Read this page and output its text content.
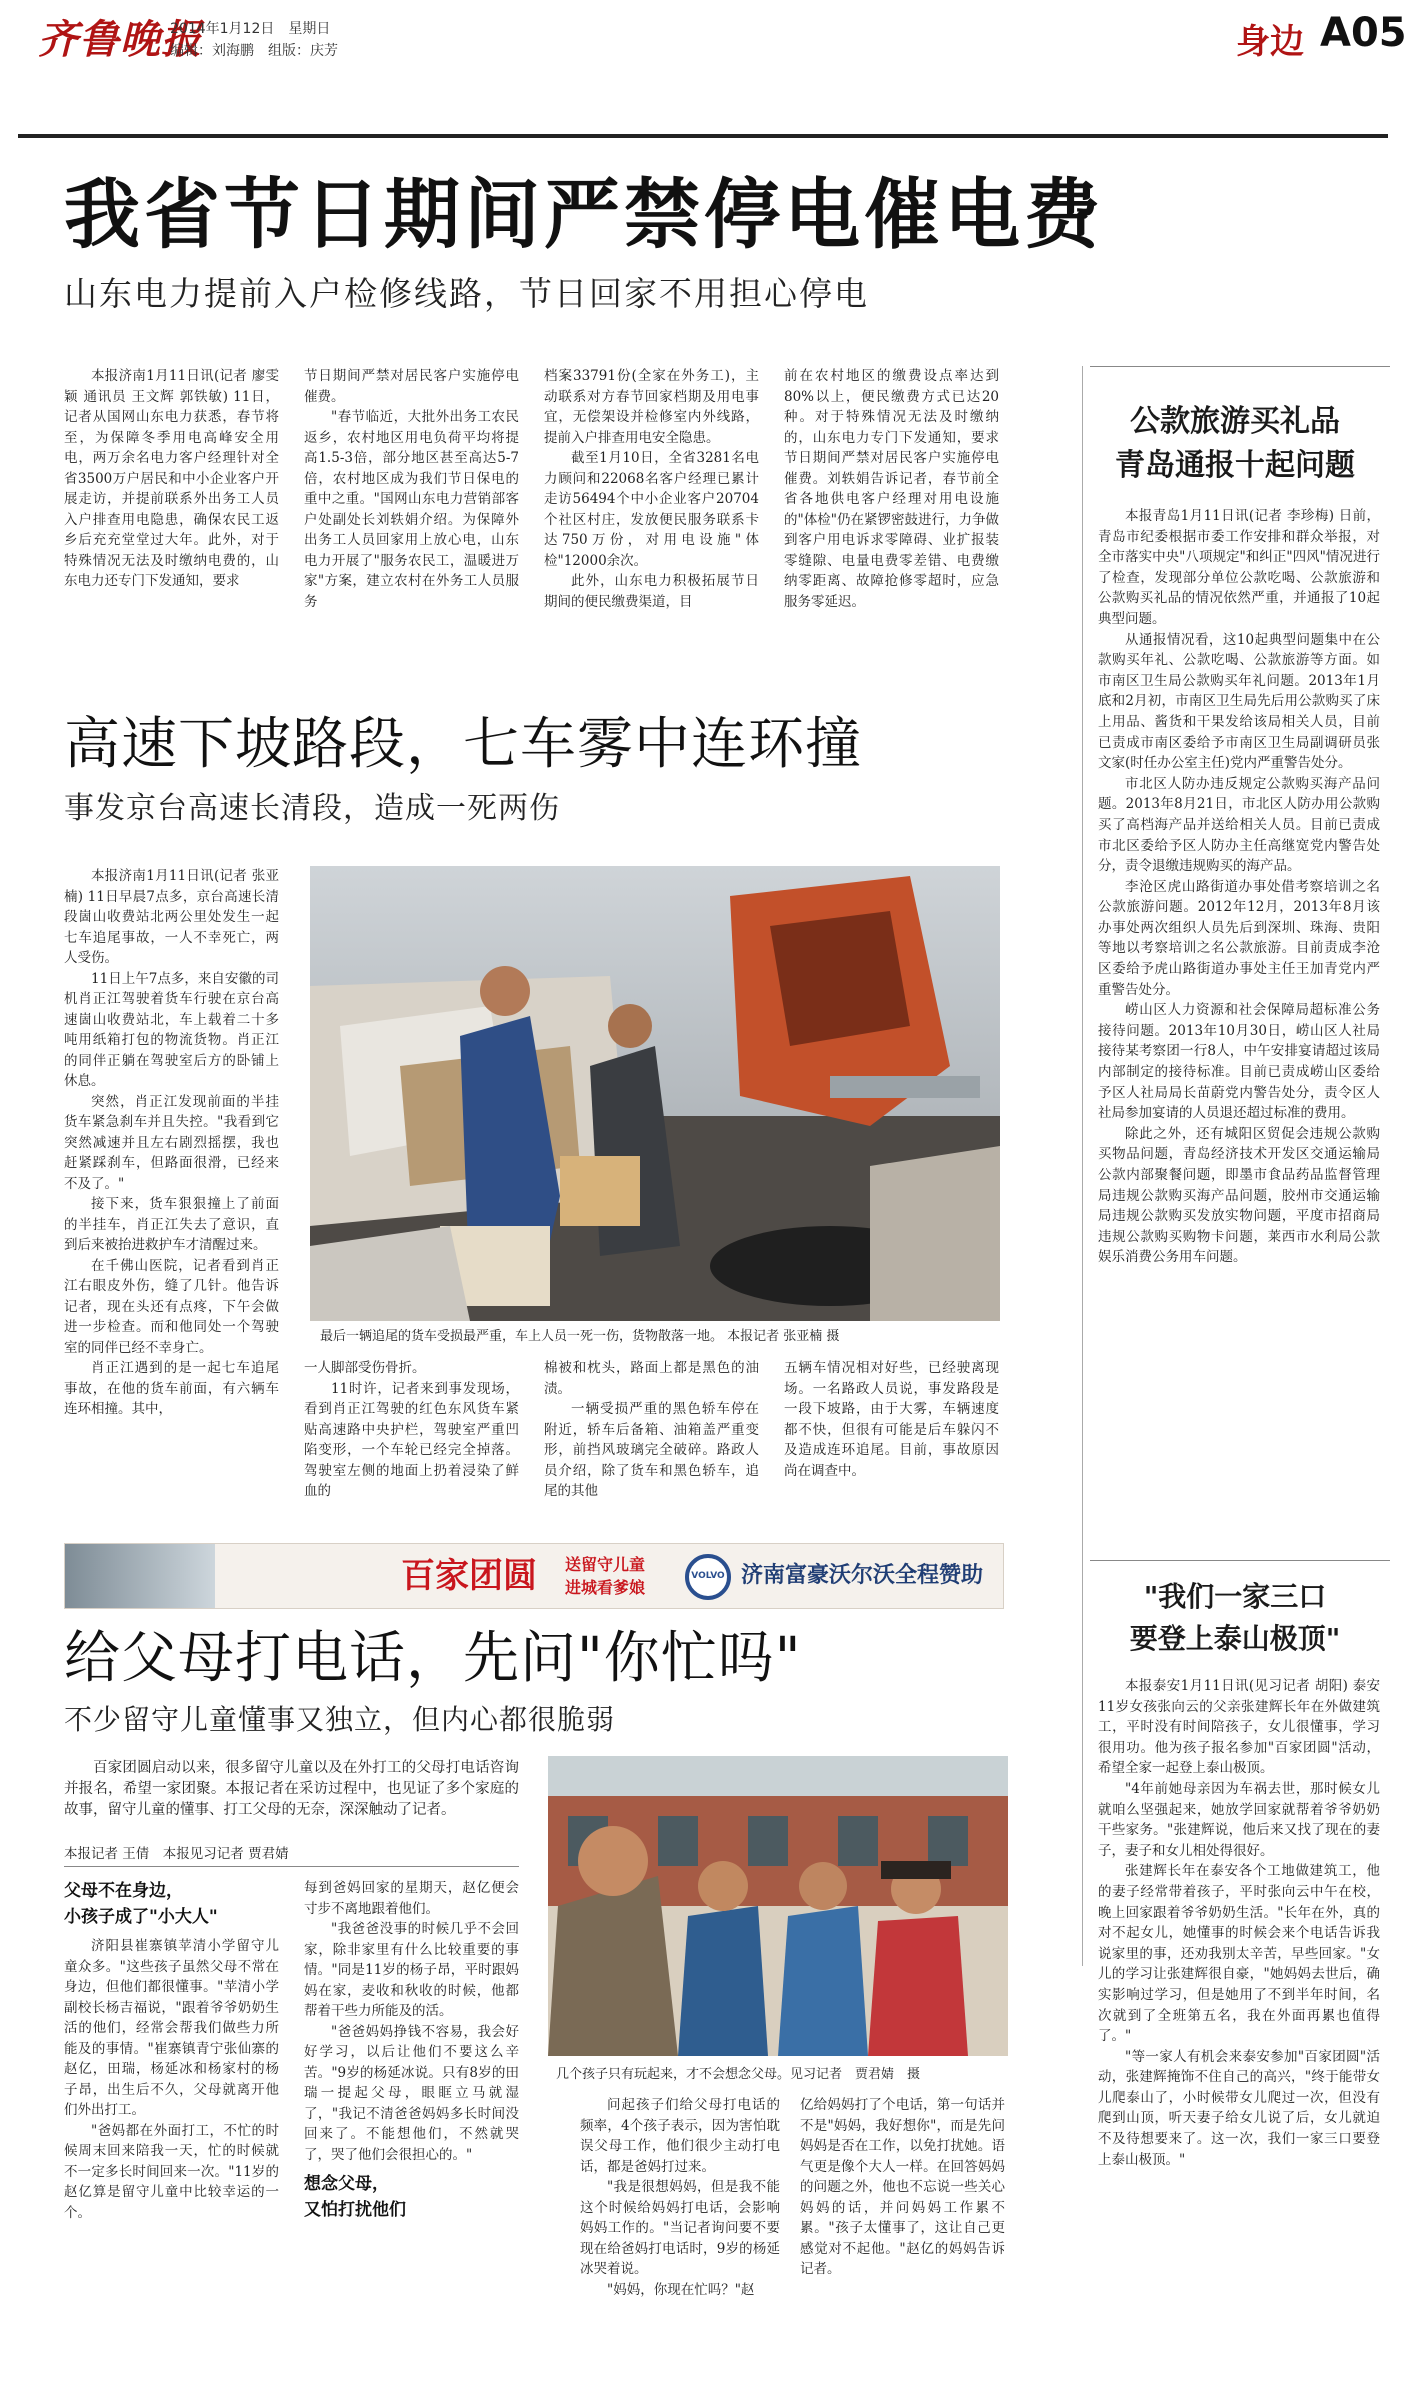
齐鲁晚报
2014年1月12日　星期日
编辑：刘海鹏　组版：庆芳	身边 A05
我省节日期间严禁停电催电费
山东电力提前入户检修线路，节日回家不用担心停电

本报济南1月11日讯(记者 廖雯颖 通讯员 王文辉 郭铁敏) 11日，记者从国网山东电力获悉，春节将至，为保障冬季用电高峰安全用电，两万余名电力客户经理针对全省3500万户居民和中小企业客户开展走访，并提前联系外出务工人员入户排查用电隐患，确保农民工返乡后充充堂堂过大年。此外，对于特殊情况无法及时缴纳电费的，山东电力还专门下发通知，要求

节日期间严禁对居民客户实施停电催费。

"春节临近，大批外出务工农民返乡，农村地区用电负荷平均将提高1.5-3倍，部分地区甚至高达5-7倍，农村地区成为我们节日保电的重中之重。"国网山东电力营销部客户处副处长刘轶娟介绍。为保障外出务工人员回家用上放心电，山东电力开展了"服务农民工，温暖进万家"方案，建立农村在外务工人员服务

档案33791份(全家在外务工)，主动联系对方春节回家档期及用电事宜，无偿架设并检修室内外线路，提前入户排查用电安全隐患。

截至1月10日，全省3281名电力顾问和22068名客户经理已累计走访56494个中小企业客户20704个社区村庄，发放便民服务联系卡达750万份，对用电设施"体检"12000余次。

此外，山东电力积极拓展节日期间的便民缴费渠道，目

前在农村地区的缴费设点率达到80%以上，便民缴费方式已达20种。对于特殊情况无法及时缴纳的，山东电力专门下发通知，要求节日期间严禁对居民客户实施停电催费。刘轶娟告诉记者，春节前全省各地供电客户经理对用电设施的"体检"仍在紧锣密鼓进行，力争做到客户用电诉求零障碍、业扩报装零缝隙、电量电费零差错、电费缴纳零距离、故障抢修零超时，应急服务零延迟。

公款旅游买礼品
青岛通报十起问题

本报青岛1月11日讯(记者 李珍梅) 日前，青岛市纪委根据市委工作安排和群众举报，对全市落实中央"八项规定"和纠正"四风"情况进行了检查，发现部分单位公款吃喝、公款旅游和公款购买礼品的情况依然严重，并通报了10起典型问题。

从通报情况看，这10起典型问题集中在公款购买年礼、公款吃喝、公款旅游等方面。如市南区卫生局公款购买年礼问题。2013年1月底和2月初，市南区卫生局先后用公款购买了床上用品、酱货和干果发给该局相关人员，目前已责成市南区委给予市南区卫生局副调研员张文家(时任办公室主任)党内严重警告处分。

市北区人防办违反规定公款购买海产品问题。2013年8月21日，市北区人防办用公款购买了高档海产品并送给相关人员。目前已责成市北区委给予区人防办主任高继宽党内警告处分，责令退缴违规购买的海产品。

李沧区虎山路街道办事处借考察培训之名公款旅游问题。2012年12月，2013年8月该办事处两次组织人员先后到深圳、珠海、贵阳等地以考察培训之名公款旅游。目前责成李沧区委给予虎山路街道办事处主任王加青党内严重警告处分。

崂山区人力资源和社会保障局超标准公务接待问题。2013年10月30日，崂山区人社局接待某考察团一行8人，中午安排宴请超过该局内部制定的接待标准。目前已责成崂山区委给予区人社局局长苗蔚党内警告处分，责令区人社局参加宴请的人员退还超过标准的费用。

除此之外，还有城阳区贸促会违规公款购买物品问题，青岛经济技术开发区交通运输局公款内部聚餐问题，即墨市食品药品监督管理局违规公款购买海产品问题，胶州市交通运输局违规公款购买发放实物问题，平度市招商局违规公款购买购物卡问题，莱西市水利局公款娱乐消费公务用车问题。

高速下坡路段，七车雾中连环撞
事发京台高速长清段，造成一死两伤

本报济南1月11日讯(记者 张亚楠) 11日早晨7点多，京台高速长清段崮山收费站北两公里处发生一起七车追尾事故，一人不幸死亡，两人受伤。

11日上午7点多，来自安徽的司机肖正江驾驶着货车行驶在京台高速崮山收费站北，车上载着二十多吨用纸箱打包的物流货物。肖正江的同伴正躺在驾驶室后方的卧铺上休息。

突然，肖正江发现前面的半挂货车紧急刹车并且失控。"我看到它突然减速并且左右剧烈摇摆，我也赶紧踩刹车，但路面很滑，已经来不及了。"

接下来，货车狠狠撞上了前面的半挂车，肖正江失去了意识，直到后来被抬进救护车才清醒过来。

在千佛山医院，记者看到肖正江右眼皮外伤，缝了几针。他告诉记者，现在头还有点疼，下午会做进一步检查。而和他同处一个驾驶室的同伴已经不幸身亡。

肖正江遇到的是一起七车追尾事故，在他的货车前面，有六辆车连环相撞。其中，

最后一辆追尾的货车受损最严重，车上人员一死一伤，货物散落一地。 本报记者 张亚楠 摄

一人脚部受伤骨折。

11时许，记者来到事发现场，看到肖正江驾驶的红色东风货车紧贴高速路中央护栏，驾驶室严重凹陷变形，一个车轮已经完全掉落。驾驶室左侧的地面上扔着浸染了鲜血的

棉被和枕头，路面上都是黑色的油渍。

一辆受损严重的黑色轿车停在附近，轿车后备箱、油箱盖严重变形，前挡风玻璃完全破碎。路政人员介绍，除了货车和黑色轿车，追尾的其他

五辆车情况相对好些，已经驶离现场。一名路政人员说，事发路段是一段下坡路，由于大雾，车辆速度都不快，但很有可能是后车躲闪不及造成连环追尾。目前，事故原因尚在调查中。

百家团圆 送留守儿童
进城看爹娘
VOLVO 济南富豪沃尔沃全程赞助
给父母打电话，先问"你忙吗"
不少留守儿童懂事又独立，但内心都很脆弱

百家团圆启动以来，很多留守儿童以及在外打工的父母打电话咨询并报名，希望一家团聚。本报记者在采访过程中，也见证了多个家庭的故事，留守儿童的懂事、打工父母的无奈，深深触动了记者。

本报记者 王倩　本报见习记者 贾君婧
几个孩子只有玩起来，才不会想念父母。见习记者　贾君婧　摄

父母不在身边，

小孩子成了"小大人"

济阳县崔寨镇苹清小学留守儿童众多。"这些孩子虽然父母不常在身边，但他们都很懂事。"苹清小学副校长杨吉福说，"跟着爷爷奶奶生活的他们，经常会帮我们做些力所能及的事情。"崔寨镇青宁张仙寨的赵亿，田瑞，杨延冰和杨家村的杨子昂，出生后不久，父母就离开他们外出打工。

"爸妈都在外面打工，不忙的时候周末回来陪我一天，忙的时候就不一定多长时间回来一次。"11岁的赵亿算是留守儿童中比较幸运的一个。

每到爸妈回家的星期天，赵亿便会寸步不离地跟着他们。

"我爸爸没事的时候几乎不会回家，除非家里有什么比较重要的事情。"同是11岁的杨子昂，平时跟妈妈在家，麦收和秋收的时候，他都帮着干些力所能及的活。

"爸爸妈妈挣钱不容易，我会好好学习，以后让他们不要这么辛苦。"9岁的杨延冰说。只有8岁的田瑞一提起父母，眼眶立马就湿了，"我记不清爸爸妈妈多长时间没回来了。不能想他们，不然就哭了，哭了他们会很担心的。"

想念父母，

又怕打扰他们

问起孩子们给父母打电话的频率，4个孩子表示，因为害怕耽误父母工作，他们很少主动打电话，都是爸妈打过来。

"我是很想妈妈，但是我不能这个时候给妈妈打电话，会影响妈妈工作的。"当记者询问要不要现在给爸妈打电话时，9岁的杨延冰哭着说。

"妈妈，你现在忙吗？"赵

亿给妈妈打了个电话，第一句话并不是"妈妈，我好想你"，而是先问妈妈是否在工作，以免打扰她。语气更是像个大人一样。在回答妈妈的问题之外，他也不忘说一些关心妈妈的话，并问妈妈工作累不累。"孩子太懂事了，这让自己更感觉对不起他。"赵亿的妈妈告诉记者。

"我们一家三口
要登上泰山极顶"

本报泰安1月11日讯(见习记者 胡阳) 泰安11岁女孩张向云的父亲张建辉长年在外做建筑工，平时没有时间陪孩子，女儿很懂事，学习很用功。他为孩子报名参加"百家团圆"活动，希望全家一起登上泰山极顶。

"4年前她母亲因为车祸去世，那时候女儿就咱么坚强起来，她放学回家就帮着爷爷奶奶干些家务。"张建辉说，他后来又找了现在的妻子，妻子和女儿相处得很好。

张建辉长年在泰安各个工地做建筑工，他的妻子经常带着孩子，平时张向云中午在校，晚上回家跟着爷爷奶奶生活。"长年在外，真的对不起女儿，她懂事的时候会来个电话告诉我说家里的事，还劝我别太辛苦，早些回家。"女儿的学习让张建辉很自豪，"她妈妈去世后，确实影响过学习，但是她用了不到半年时间，名次就到了全班第五名，我在外面再累也值得了。"

"等一家人有机会来泰安参加"百家团圆"活动，张建辉掩饰不住自己的高兴，"终于能带女儿爬泰山了，小时候带女儿爬过一次，但没有爬到山顶，听天妻子给女儿说了后，女儿就迫不及待想要来了。这一次，我们一家三口要登上泰山极顶。"
